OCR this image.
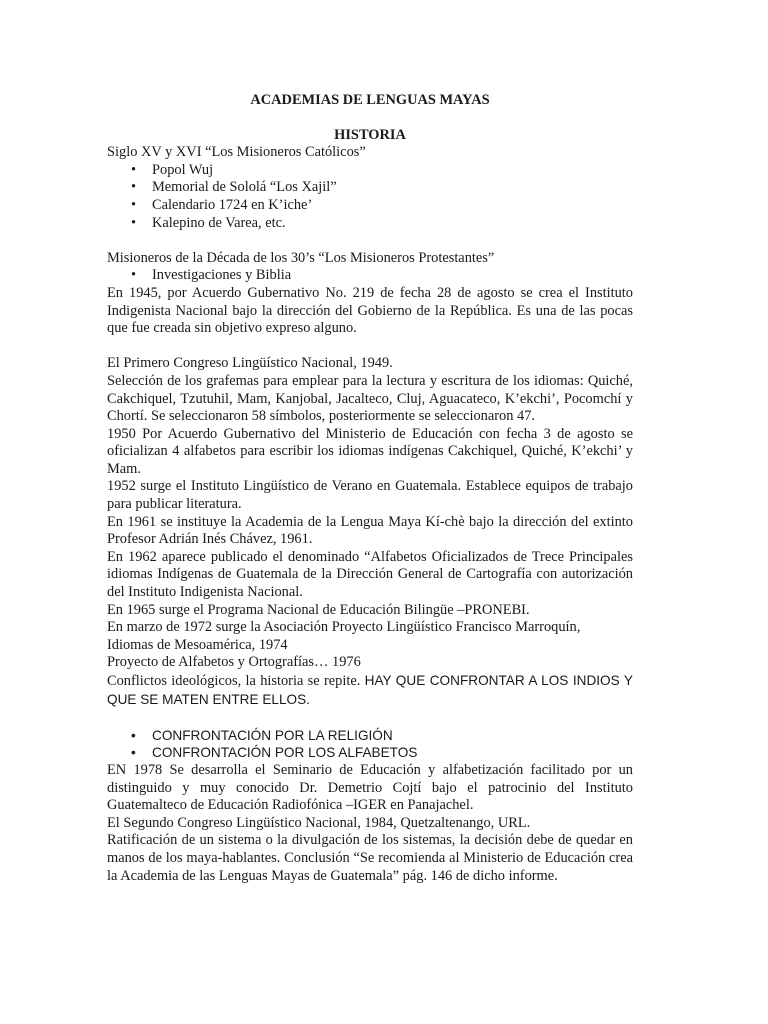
ACADEMIAS DE LENGUAS MAYAS

HISTORIA

Siglo XV y XVI “Los Misioneros Católicos”

• Popol Wuj
• Memorial de Sololá “Los Xajil”
• Calendario 1724 en K’iche’
• Kalepino de Varea, etc.

Misioneros de la Década de los 30’s “Los Misioneros Protestantes”

• Investigaciones y Biblia

En 1945, por Acuerdo Gubernativo No. 219 de fecha 28 de agosto se crea el Instituto Indigenista Nacional bajo la dirección del Gobierno de la República. Es una de las pocas que fue creada sin objetivo expreso alguno.

El Primero Congreso Lingüístico Nacional, 1949.

Selección de los grafemas para emplear para la lectura y escritura de los idiomas: Quiché, Cakchiquel, Tzutuhil, Mam, Kanjobal, Jacalteco, Cluj, Aguacateco, K’ekchi’, Pocomchí y Chortí. Se seleccionaron 58 símbolos, posteriormente se seleccionaron 47.

1950 Por Acuerdo Gubernativo del Ministerio de Educación con fecha 3 de agosto se oficializan 4 alfabetos para escribir los idiomas indígenas Cakchiquel, Quiché, K’ekchi’ y Mam.

1952 surge el Instituto Lingüístico de Verano en Guatemala. Establece equipos de trabajo para publicar literatura.

En 1961 se instituye la Academia de la Lengua Maya Kí-chè bajo la dirección del extinto Profesor Adrián Inés Chávez, 1961.

En 1962 aparece publicado el denominado “Alfabetos Oficializados de Trece Principales idiomas Indígenas de Guatemala de la Dirección General de Cartografía con autorización del Instituto Indigenista Nacional.

En 1965 surge el Programa Nacional de Educación Bilingüe –PRONEBI.

En marzo de 1972 surge la Asociación Proyecto Lingüístico Francisco Marroquín,

Idiomas de Mesoamérica, 1974

Proyecto de Alfabetos y Ortografías… 1976

Conflictos ideológicos, la historia se repite. HAY QUE CONFRONTAR A LOS INDIOS Y QUE SE MATEN ENTRE ELLOS.

• CONFRONTACIÓN POR LA RELIGIÓN
• CONFRONTACIÓN POR LOS ALFABETOS

EN 1978 Se desarrolla el Seminario de Educación y alfabetización facilitado por un distinguido y muy conocido Dr. Demetrio Cojtí bajo el patrocinio del Instituto Guatemalteco de Educación Radiofónica –IGER en Panajachel.

El Segundo Congreso Lingüístico Nacional, 1984, Quetzaltenango, URL.

Ratificación de un sistema o la divulgación de los sistemas, la decisión debe de quedar en manos de los maya-hablantes. Conclusión “Se recomienda al Ministerio de Educación crea la Academia de las Lenguas Mayas de Guatemala” pág. 146 de dicho informe.
